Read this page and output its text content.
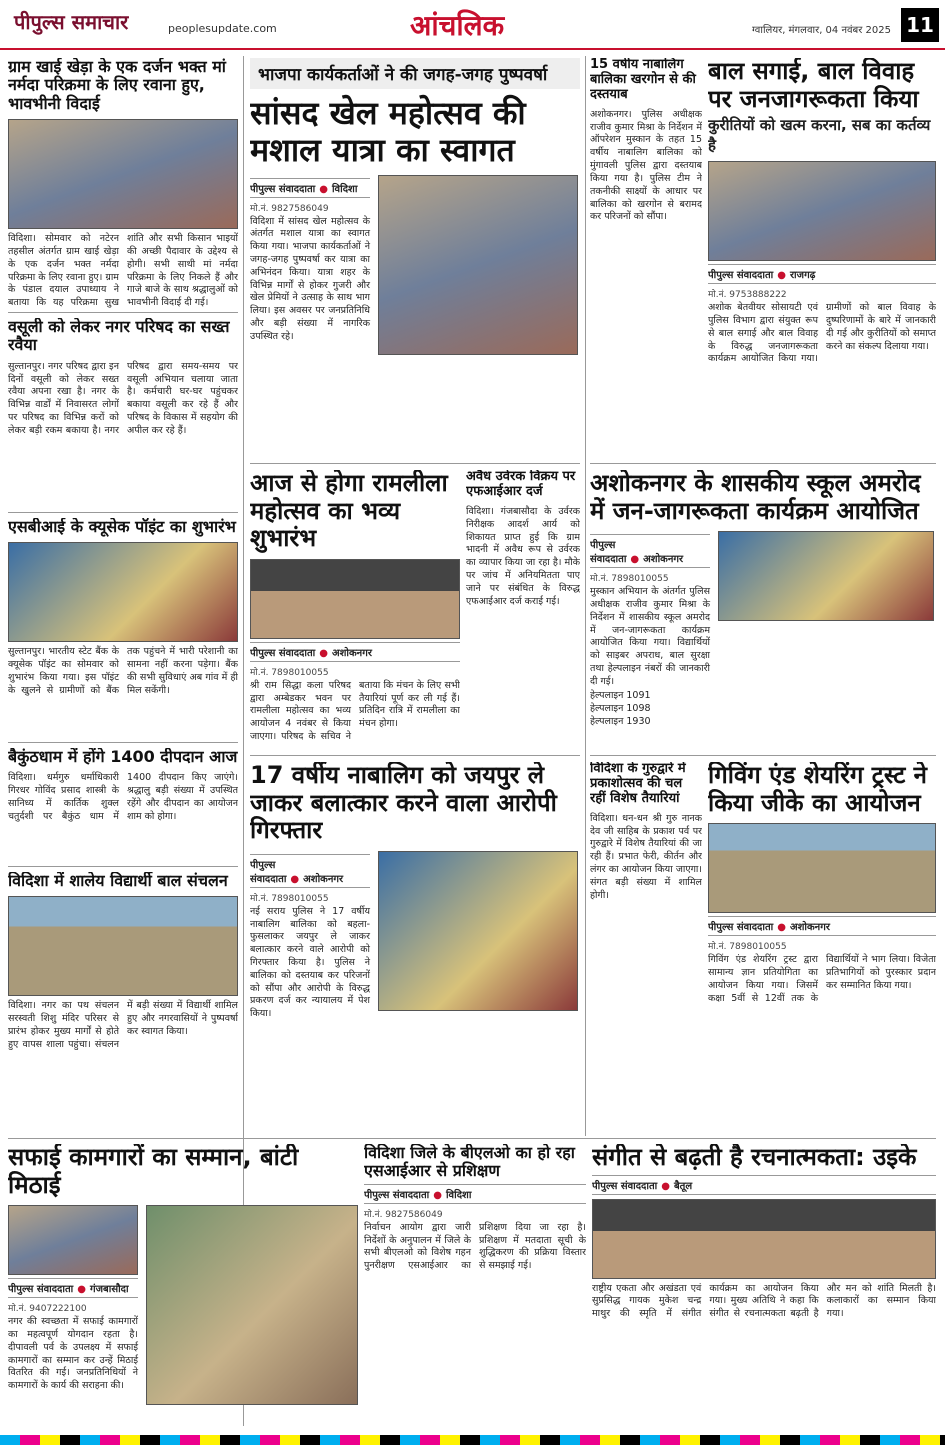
पीपुल्स समाचार	peoplesupdate.com	आंचलिक	ग्वालियर, मंगलवार, 04 नवंबर 2025 11
ग्राम खाई खेड़ा के एक दर्जन भक्त मां नर्मदा परिक्रमा के लिए रवाना हुए, भावभीनी विदाई
विदिशा। सोमवार को नटेरन तहसील अंतर्गत ग्राम खाई खेड़ा के एक दर्जन भक्त नर्मदा परिक्रमा के लिए रवाना हुए। ग्राम के पंडाल दयाल उपाध्याय ने बताया कि यह परिक्रमा सुख शांति और सभी किसान भाइयों की अच्छी पैदावार के उद्देश्य से होगी। सभी साथी मां नर्मदा परिक्रमा के लिए निकले हैं और गाजे बाजे के साथ श्रद्धालुओं को भावभीनी विदाई दी गई।
वसूली को लेकर नगर परिषद का सख्त रवैया
सुल्तानपुर। नगर परिषद द्वारा इन दिनों वसूली को लेकर सख्त रवैया अपना रखा है। नगर के विभिन्न वार्डों में निवासरत लोगों पर परिषद का विभिन्न करों को लेकर बड़ी रकम बकाया है। नगर परिषद द्वारा समय-समय पर वसूली अभियान चलाया जाता है। कर्मचारी घर-घर पहुंचकर बकाया वसूली कर रहे हैं और परिषद के विकास में सहयोग की अपील कर रहे हैं।
एसबीआई के क्यूसेक पॉइंट का शुभारंभ
सुल्तानपुर। भारतीय स्टेट बैंक के क्यूसेक पॉइंट का सोमवार को शुभारंभ किया गया। इस पॉइंट के खुलने से ग्रामीणों को बैंक तक पहुंचने में भारी परेशानी का सामना नहीं करना पड़ेगा। बैंक की सभी सुविधाएं अब गांव में ही मिल सकेंगी।
बैकुंठधाम में होंगे 1400 दीपदान आज
विदिशा। धर्मगुरु धर्माधिकारी गिरधर गोविंद प्रसाद शास्त्री के सानिध्य में कार्तिक शुक्ल चतुर्दशी पर बैकुंठ धाम में 1400 दीपदान किए जाएंगे। श्रद्धालु बड़ी संख्या में उपस्थित रहेंगे और दीपदान का आयोजन शाम को होगा।
विदिशा में शालेय विद्यार्थी बाल संचलन
विदिशा। नगर का पथ संचलन सरस्वती शिशु मंदिर परिसर से प्रारंभ होकर मुख्य मार्गों से होते हुए वापस शाला पहुंचा। संचलन में बड़ी संख्या में विद्यार्थी शामिल हुए और नगरवासियों ने पुष्पवर्षा कर स्वागत किया।
भाजपा कार्यकर्ताओं ने की जगह-जगह पुष्पवर्षा
सांसद खेल महोत्सव की मशाल यात्रा का स्वागत
पीपुल्स संवाददाता ● विदिशा
मो.नं. 9827586049
विदिशा में सांसद खेल महोत्सव के अंतर्गत मशाल यात्रा का स्वागत किया गया। भाजपा कार्यकर्ताओं ने जगह-जगह पुष्पवर्षा कर यात्रा का अभिनंदन किया। यात्रा शहर के विभिन्न मार्गों से होकर गुजरी और खेल प्रेमियों ने उत्साह के साथ भाग लिया। इस अवसर पर जनप्रतिनिधि और बड़ी संख्या में नागरिक उपस्थित रहे।
आज से होगा रामलीला महोत्सव का भव्य शुभारंभ
पीपुल्स संवाददाता ● अशोकनगर
मो.नं. 7898010055
श्री राम सिद्धा कला परिषद द्वारा अम्बेडकर भवन पर रामलीला महोत्सव का भव्य आयोजन 4 नवंबर से किया जाएगा। परिषद के सचिव ने बताया कि मंचन के लिए सभी तैयारियां पूर्ण कर ली गई हैं। प्रतिदिन रात्रि में रामलीला का मंचन होगा।
अवैध उर्वरक विक्रय पर एफआईआर दर्ज
विदिशा। गंजबासौदा के उर्वरक निरीक्षक आदर्श आर्य को शिकायत प्राप्त हुई कि ग्राम भादनी में अवैध रूप से उर्वरक का व्यापार किया जा रहा है। मौके पर जांच में अनियमितता पाए जाने पर संबंधित के विरुद्ध एफआईआर दर्ज कराई गई।
17 वर्षीय नाबालिग को जयपुर ले जाकर बलात्कार करने वाला आरोपी गिरफ्तार
पीपुल्स संवाददाता ● अशोकनगर
मो.नं. 7898010055
नई सराय पुलिस ने 17 वर्षीय नाबालिग बालिका को बहला-फुसलाकर जयपुर ले जाकर बलात्कार करने वाले आरोपी को गिरफ्तार किया है। पुलिस ने बालिका को दस्तयाब कर परिजनों को सौंपा और आरोपी के विरुद्ध प्रकरण दर्ज कर न्यायालय में पेश किया।
15 वर्षीय नाबालिग बालिका खरगोन से की दस्तयाब
अशोकनगर। पुलिस अधीक्षक राजीव कुमार मिश्रा के निर्देशन में ऑपरेशन मुस्कान के तहत 15 वर्षीय नाबालिग बालिका को मुंगावली पुलिस द्वारा दस्तयाब किया गया है। पुलिस टीम ने तकनीकी साक्ष्यों के आधार पर बालिका को खरगोन से बरामद कर परिजनों को सौंपा।
बाल सगाई, बाल विवाह पर जनजागरूकता किया
कुरीतियों को खत्म करना, सब का कर्तव्य है
पीपुल्स संवाददाता ● राजगढ़
मो.नं. 9753888222
अशोक बेतवीयर सोसायटी एवं पुलिस विभाग द्वारा संयुक्त रूप से बाल सगाई और बाल विवाह के विरुद्ध जनजागरूकता कार्यक्रम आयोजित किया गया। ग्रामीणों को बाल विवाह के दुष्परिणामों के बारे में जानकारी दी गई और कुरीतियों को समाप्त करने का संकल्प दिलाया गया।
अशोकनगर के शासकीय स्कूल अमरोद में जन-जागरूकता कार्यक्रम आयोजित
पीपुल्स संवाददाता ● अशोकनगर
मो.नं. 7898010055
मुस्कान अभियान के अंतर्गत पुलिस अधीक्षक राजीव कुमार मिश्रा के निर्देशन में शासकीय स्कूल अमरोद में जन-जागरूकता कार्यक्रम आयोजित किया गया। विद्यार्थियों को साइबर अपराध, बाल सुरक्षा तथा हेल्पलाइन नंबरों की जानकारी दी गई।
हेल्पलाइन 1091
हेल्पलाइन 1098
हेल्पलाइन 1930
विदिशा के गुरुद्वारे में प्रकाशोत्सव की चल रहीं विशेष तैयारियां
विदिशा। धन-धन श्री गुरु नानक देव जी साहिब के प्रकाश पर्व पर गुरुद्वारे में विशेष तैयारियां की जा रही हैं। प्रभात फेरी, कीर्तन और लंगर का आयोजन किया जाएगा। संगत बड़ी संख्या में शामिल होगी।
गिविंग एंड शेयरिंग ट्रस्ट ने किया जीके का आयोजन
पीपुल्स संवाददाता ● अशोकनगर
मो.नं. 7898010055
गिविंग एंड शेयरिंग ट्रस्ट द्वारा सामान्य ज्ञान प्रतियोगिता का आयोजन किया गया। जिसमें कक्षा 5वीं से 12वीं तक के विद्यार्थियों ने भाग लिया। विजेता प्रतिभागियों को पुरस्कार प्रदान कर सम्मानित किया गया।
सफाई कामगारों का सम्मान, बांटी मिठाई
पीपुल्स संवाददाता ● गंजबासौदा
मो.नं. 9407222100
नगर की स्वच्छता में सफाई कामगारों का महत्वपूर्ण योगदान रहता है। दीपावली पर्व के उपलक्ष्य में सफाई कामगारों का सम्मान कर उन्हें मिठाई वितरित की गई। जनप्रतिनिधियों ने कामगारों के कार्य की सराहना की।
विदिशा जिले के बीएलओ का हो रहा एसआईआर से प्रशिक्षण
पीपुल्स संवाददाता ● विदिशा
मो.नं. 9827586049
निर्वाचन आयोग द्वारा जारी निर्देशों के अनुपालन में जिले के सभी बीएलओ को विशेष गहन पुनरीक्षण एसआईआर का प्रशिक्षण दिया जा रहा है। प्रशिक्षण में मतदाता सूची के शुद्धिकरण की प्रक्रिया विस्तार से समझाई गई।
संगीत से बढ़ती है रचनात्मकता: उइके
पीपुल्स संवाददाता ● बैतूल
राष्ट्रीय एकता और अखंडता एवं सुप्रसिद्ध गायक मुकेश चन्द्र माथुर की स्मृति में संगीत कार्यक्रम का आयोजन किया गया। मुख्य अतिथि ने कहा कि संगीत से रचनात्मकता बढ़ती है और मन को शांति मिलती है। कलाकारों का सम्मान किया गया।
